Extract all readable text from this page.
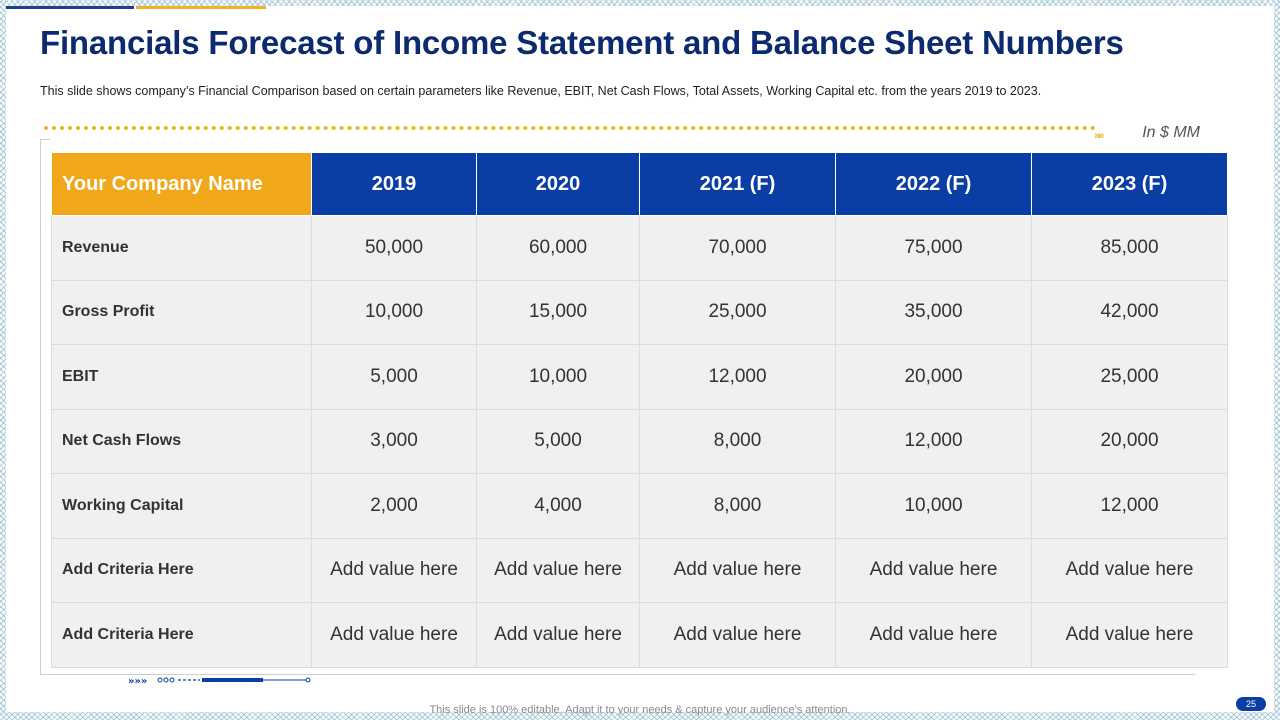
Financials Forecast of Income Statement and Balance Sheet Numbers
This slide shows company’s Financial Comparison based on certain parameters like Revenue, EBIT, Net Cash Flows, Total Assets, Working Capital etc. from the years 2019 to 2023.
»» In $ MM
Your Company Name	2019	2020	2021 (F)	2022 (F)	2023 (F)
Revenue	50,000	60,000	70,000	75,000	85,000
Gross Profit	10,000	15,000	25,000	35,000	42,000
EBIT	5,000	10,000	12,000	20,000	25,000
Net Cash Flows	3,000	5,000	8,000	12,000	20,000
Working Capital	2,000	4,000	8,000	10,000	12,000
Add Criteria Here	Add value here	Add value here	Add value here	Add value here	Add value here
Add Criteria Here	Add value here	Add value here	Add value here	Add value here	Add value here
»»»
This slide is 100% editable. Adapt it to your needs & capture your audience’s attention.	25
